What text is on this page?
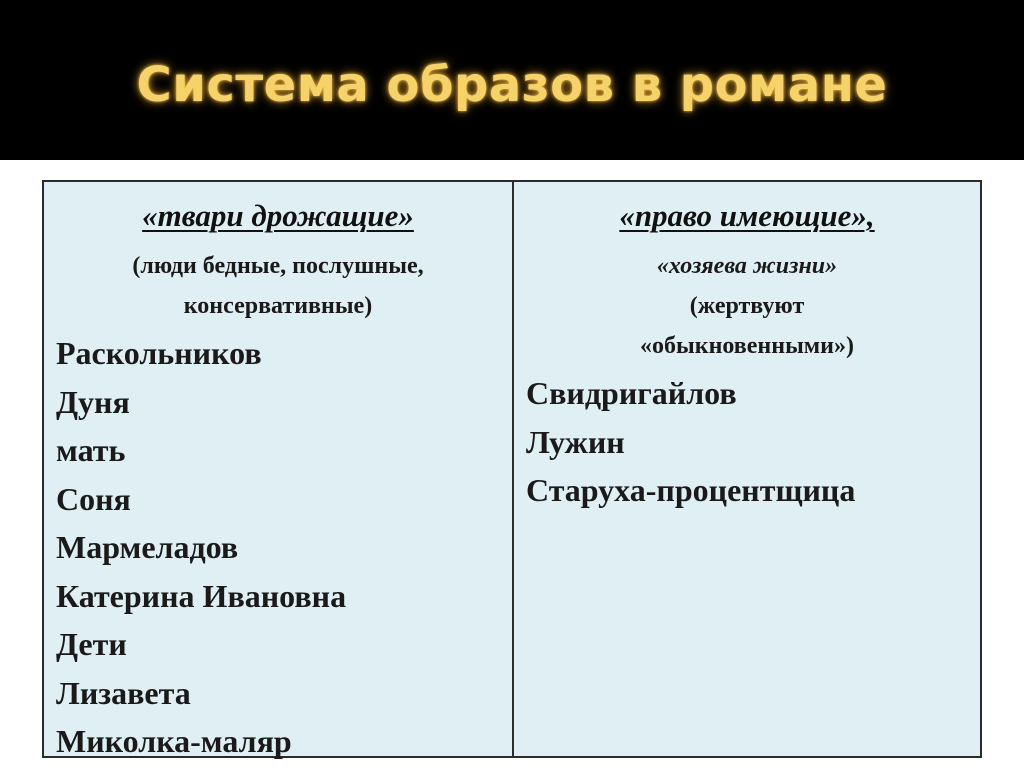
Система образов в романе
«твари дрожащие»
(люди бедные, послушные,
консервативные)
Раскольников
Дуня
мать
Соня
Мармеладов
Катерина Ивановна
Дети
Лизавета
Миколка-маляр
«право имеющие»,
«хозяева жизни»
(жертвуют
«обыкновенными»)
Свидригайлов
Лужин
Старуха-процентщица
